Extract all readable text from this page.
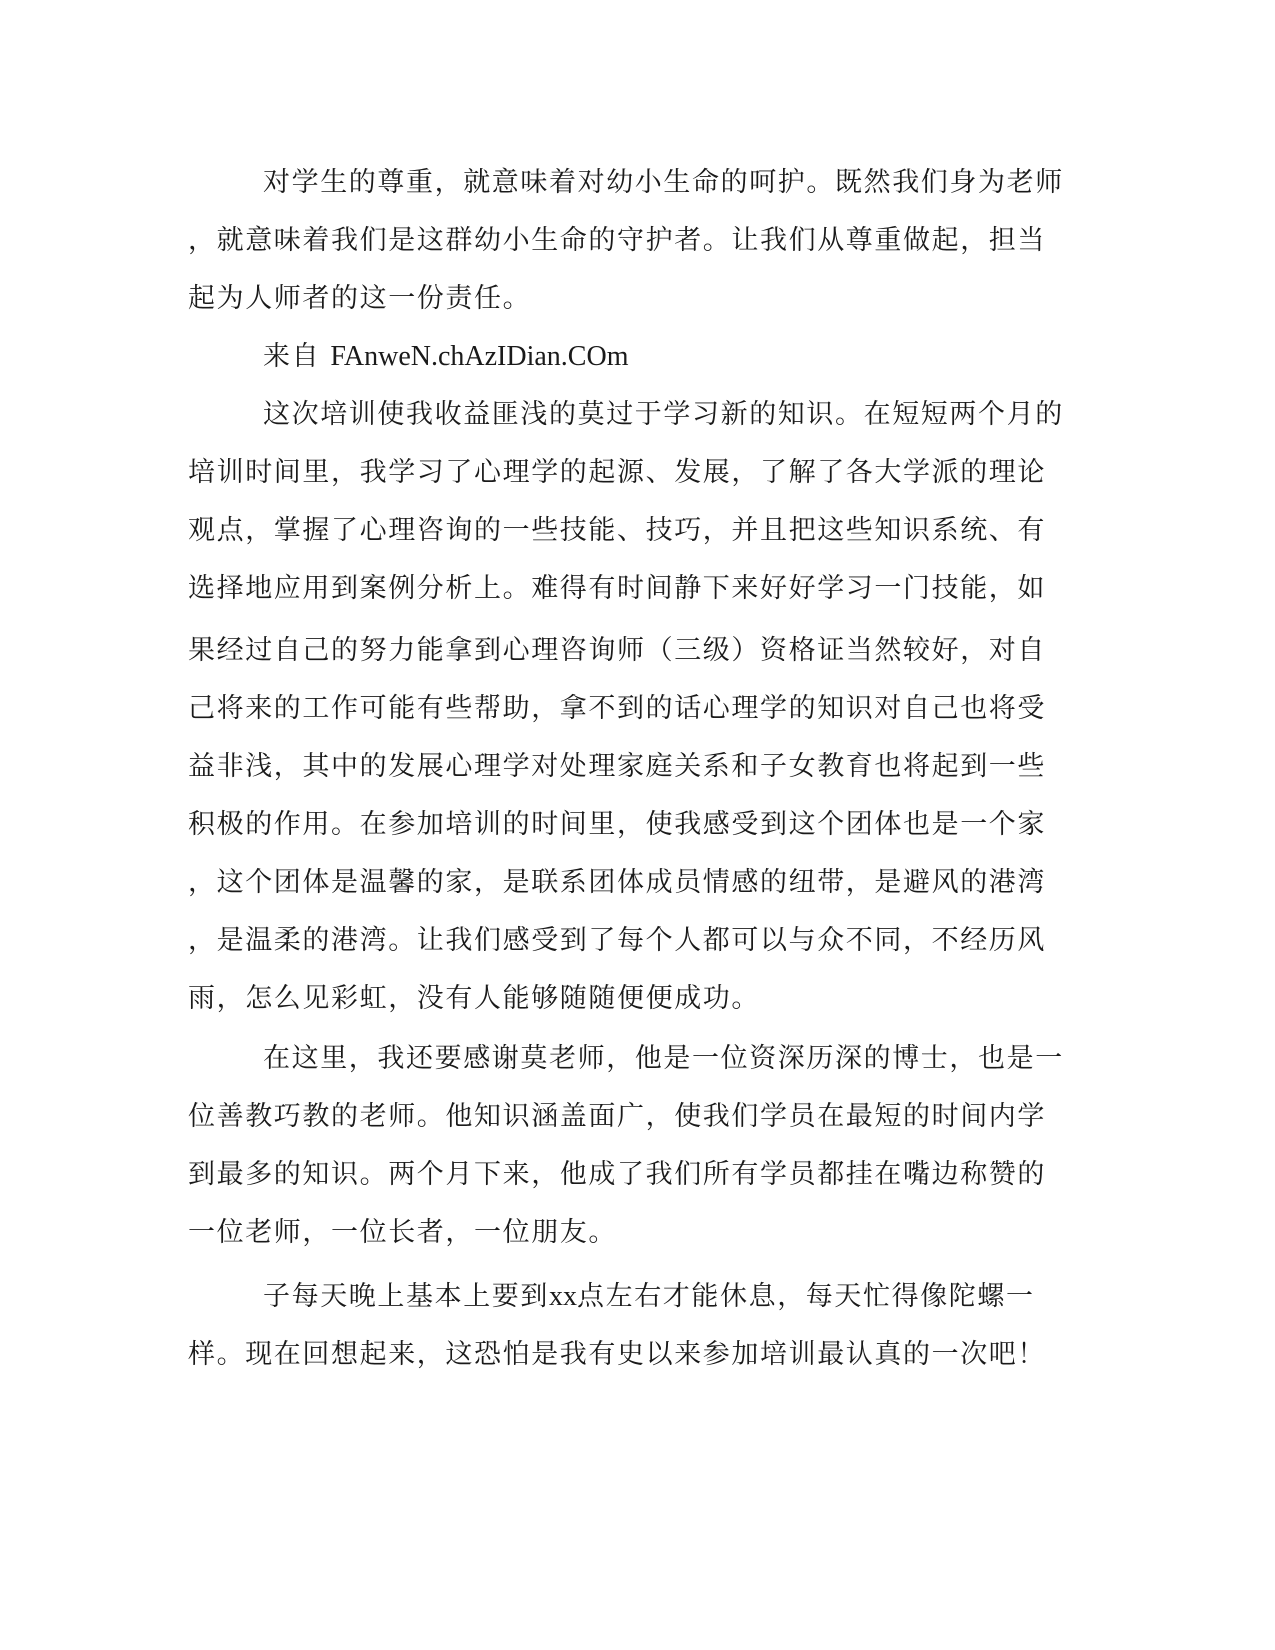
对学生的尊重，就意味着对幼小生命的呵护。既然我们身为老师

，就意味着我们是这群幼小生命的守护者。让我们从尊重做起，担当

起为人师者的这一份责任。

来自 FAnweN.chAzIDian.COm

这次培训使我收益匪浅的莫过于学习新的知识。在短短两个月的

培训时间里，我学习了心理学的起源、发展，了解了各大学派的理论

观点，掌握了心理咨询的一些技能、技巧，并且把这些知识系统、有

选择地应用到案例分析上。难得有时间静下来好好学习一门技能，如

果经过自己的努力能拿到心理咨询师（三级）资格证当然较好，对自

己将来的工作可能有些帮助，拿不到的话心理学的知识对自己也将受

益非浅，其中的发展心理学对处理家庭关系和子女教育也将起到一些

积极的作用。在参加培训的时间里，使我感受到这个团体也是一个家

，这个团体是温馨的家，是联系团体成员情感的纽带，是避风的港湾

，是温柔的港湾。让我们感受到了每个人都可以与众不同，不经历风

雨，怎么见彩虹，没有人能够随随便便成功。

在这里，我还要感谢莫老师，他是一位资深历深的博士，也是一

位善教巧教的老师。他知识涵盖面广，使我们学员在最短的时间内学

到最多的知识。两个月下来，他成了我们所有学员都挂在嘴边称赞的

一位老师，一位长者，一位朋友。

子每天晚上基本上要到xx点左右才能休息，每天忙得像陀螺一

样。现在回想起来，这恐怕是我有史以来参加培训最认真的一次吧！
